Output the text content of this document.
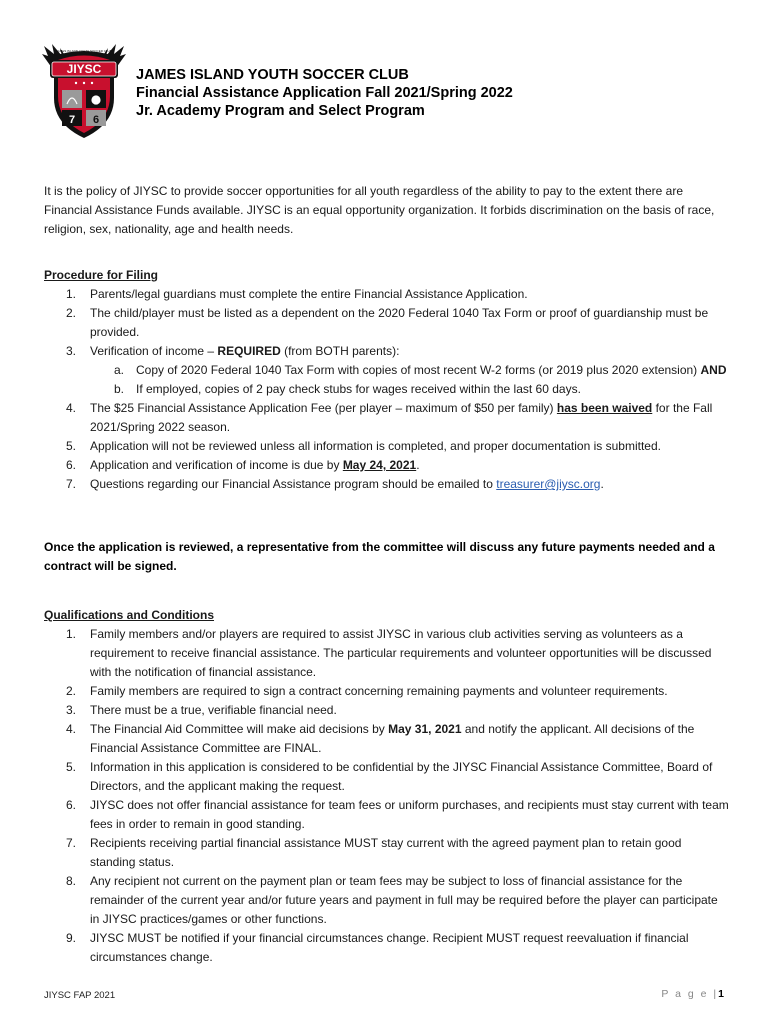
JIYSC
JAMES ISLAND YOUTH SOCCER CLUB
7 6
JAMES ISLAND YOUTH SOCCER CLUB
Financial Assistance Application Fall 2021/Spring 2022
Jr. Academy Program and Select Program
It is the policy of JIYSC to provide soccer opportunities for all youth regardless of the ability to pay to the extent there are Financial Assistance Funds available. JIYSC is an equal opportunity organization. It forbids discrimination on the basis of race, religion, sex, nationality, age and health needs.
Procedure for Filing
1. Parents/legal guardians must complete the entire Financial Assistance Application.
2. The child/player must be listed as a dependent on the 2020 Federal 1040 Tax Form or proof of guardianship must be provided.
3. Verification of income – REQUIRED (from BOTH parents):
a. Copy of 2020 Federal 1040 Tax Form with copies of most recent W-2 forms (or 2019 plus 2020 extension) AND
b. If employed, copies of 2 pay check stubs for wages received within the last 60 days.
4. The $25 Financial Assistance Application Fee (per player – maximum of $50 per family) has been waived for the Fall 2021/Spring 2022 season.
5. Application will not be reviewed unless all information is completed, and proper documentation is submitted.
6. Application and verification of income is due by May 24, 2021.
7. Questions regarding our Financial Assistance program should be emailed to treasurer@jiysc.org.
Once the application is reviewed, a representative from the committee will discuss any future payments needed and a contract will be signed.
Qualifications and Conditions
1. Family members and/or players are required to assist JIYSC in various club activities serving as volunteers as a requirement to receive financial assistance. The particular requirements and volunteer opportunities will be discussed with the notification of financial assistance.
2. Family members are required to sign a contract concerning remaining payments and volunteer requirements.
3. There must be a true, verifiable financial need.
4. The Financial Aid Committee will make aid decisions by May 31, 2021 and notify the applicant. All decisions of the Financial Assistance Committee are FINAL.
5. Information in this application is considered to be confidential by the JIYSC Financial Assistance Committee, Board of Directors, and the applicant making the request.
6. JIYSC does not offer financial assistance for team fees or uniform purchases, and recipients must stay current with team fees in order to remain in good standing.
7. Recipients receiving partial financial assistance MUST stay current with the agreed payment plan to retain good standing status.
8. Any recipient not current on the payment plan or team fees may be subject to loss of financial assistance for the remainder of the current year and/or future years and payment in full may be required before the player can participate in JIYSC practices/games or other functions.
9. JIYSC MUST be notified if your financial circumstances change. Recipient MUST request reevaluation if financial circumstances change.
JIYSC FAP 2021	P a g e |1
